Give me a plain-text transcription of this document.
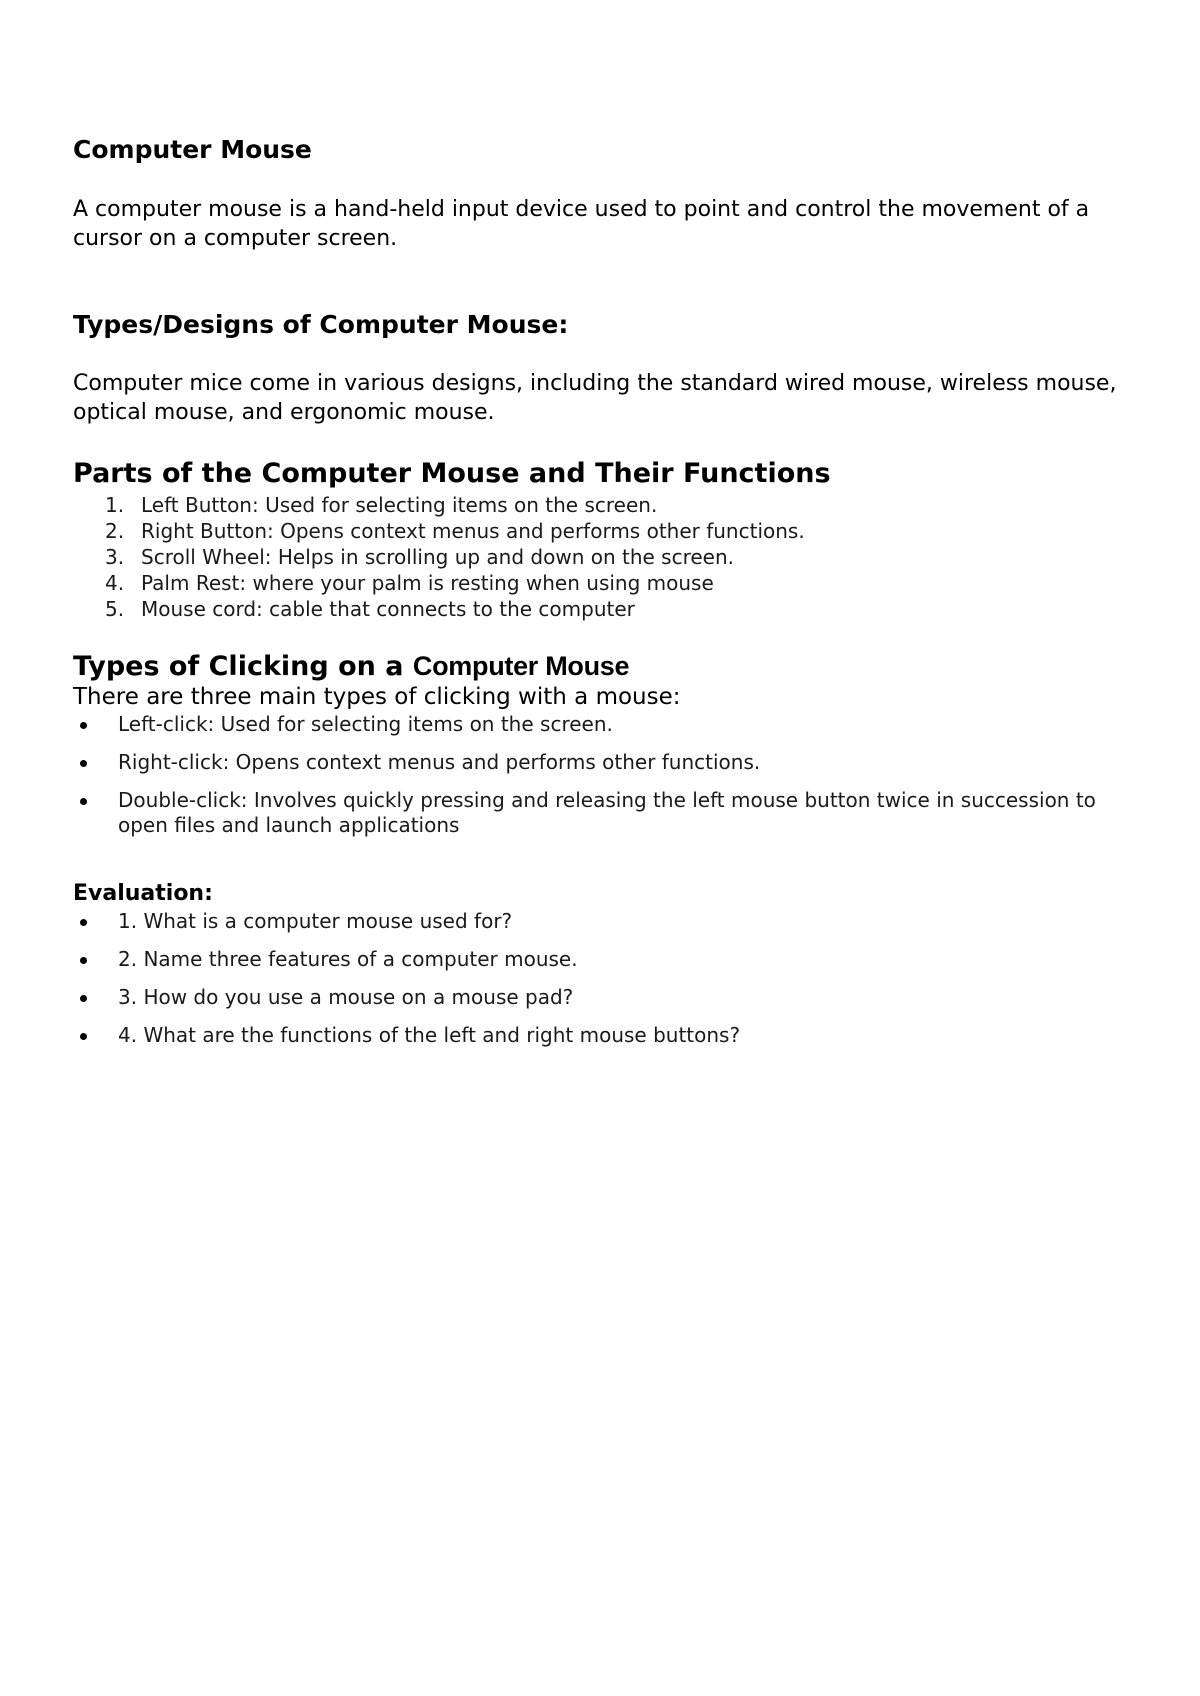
Computer Mouse

A computer mouse is a hand-held input device used to point and control the movement of a cursor on a computer screen.

Types/Designs of Computer Mouse:

Computer mice come in various designs, including the standard wired mouse, wireless mouse, optical mouse, and ergonomic mouse.

Parts of the Computer Mouse and Their Functions
1. Left Button: Used for selecting items on the screen.
2. Right Button: Opens context menus and performs other functions.
3. Scroll Wheel: Helps in scrolling up and down on the screen.
4. Palm Rest: where your palm is resting when using mouse
5. Mouse cord: cable that connects to the computer
Types of Clicking on a Computer Mouse

There are three main types of clicking with a mouse:

Left-click: Used for selecting items on the screen.
Right-click: Opens context menus and performs other functions.
Double-click: Involves quickly pressing and releasing the left mouse button twice in succession to open files and launch applications
Evaluation:
1. What is a computer mouse used for?
2. Name three features of a computer mouse.
3. How do you use a mouse on a mouse pad?
4. What are the functions of the left and right mouse buttons?
